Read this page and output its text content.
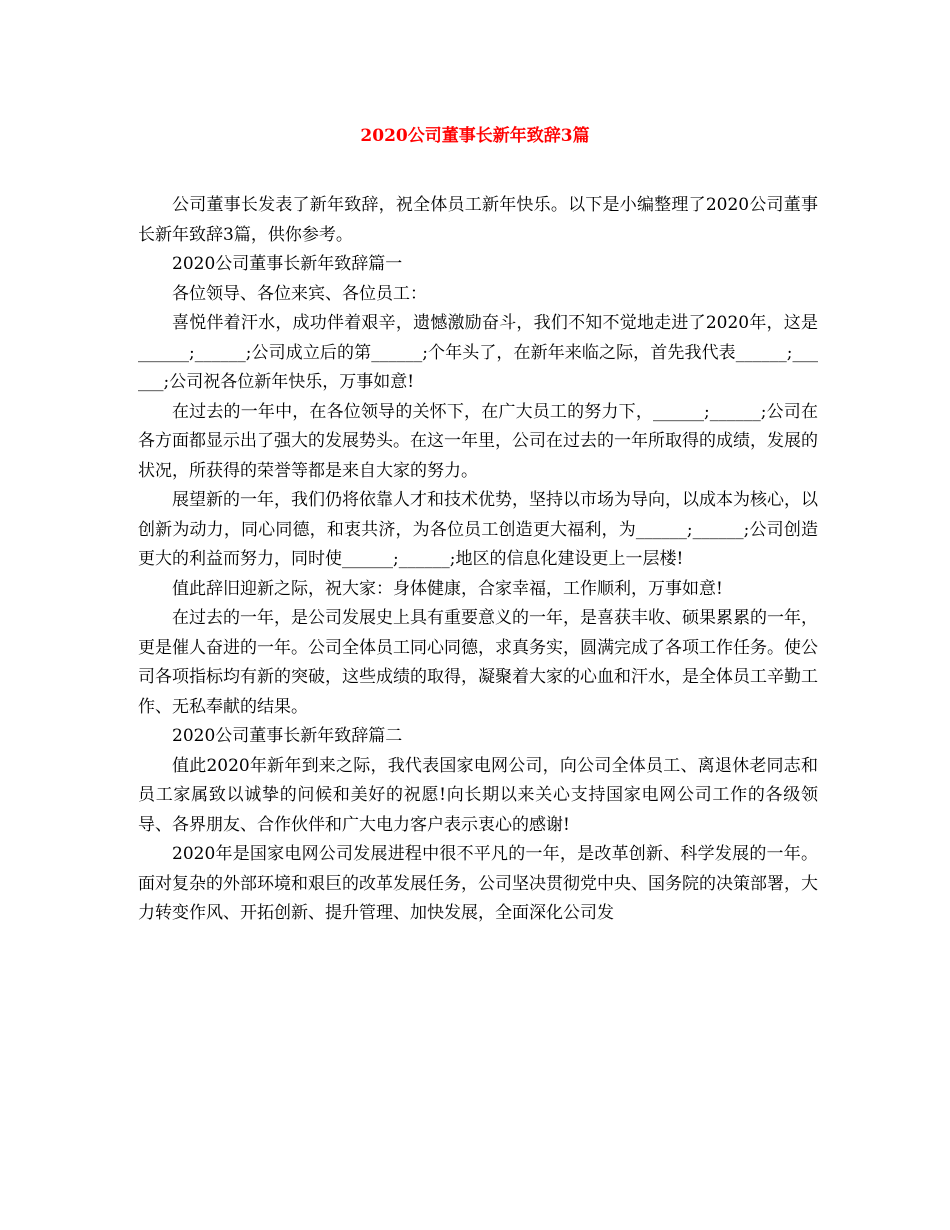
2020公司董事长新年致辞3篇

公司董事长发表了新年致辞，祝全体员工新年快乐。以下是小编整理了2020公司董事长新年致辞3篇，供你参考。

2020公司董事长新年致辞篇一

各位领导、各位来宾、各位员工：

喜悦伴着汗水，成功伴着艰辛，遗憾激励奋斗，我们不知不觉地走进了2020年，这是______;______;公司成立后的第______;个年头了，在新年来临之际，首先我代表______;______;公司祝各位新年快乐，万事如意!

在过去的一年中，在各位领导的关怀下，在广大员工的努力下，______;______;公司在各方面都显示出了强大的发展势头。在这一年里，公司在过去的一年所取得的成绩，发展的状况，所获得的荣誉等都是来自大家的努力。

展望新的一年，我们仍将依靠人才和技术优势，坚持以市场为导向，以成本为核心，以创新为动力，同心同德，和衷共济，为各位员工创造更大福利，为______;______;公司创造更大的利益而努力，同时使______;______;地区的信息化建设更上一层楼!

值此辞旧迎新之际，祝大家：身体健康，合家幸福，工作顺利，万事如意!

在过去的一年，是公司发展史上具有重要意义的一年，是喜获丰收、硕果累累的一年，更是催人奋进的一年。公司全体员工同心同德，求真务实，圆满完成了各项工作任务。使公司各项指标均有新的突破，这些成绩的取得，凝聚着大家的心血和汗水，是全体员工辛勤工作、无私奉献的结果。

2020公司董事长新年致辞篇二

值此2020年新年到来之际，我代表国家电网公司，向公司全体员工、离退休老同志和员工家属致以诚挚的问候和美好的祝愿!向长期以来关心支持国家电网公司工作的各级领导、各界朋友、合作伙伴和广大电力客户表示衷心的感谢!

2020年是国家电网公司发展进程中很不平凡的一年，是改革创新、科学发展的一年。面对复杂的外部环境和艰巨的改革发展任务，公司坚决贯彻党中央、国务院的决策部署，大力转变作风、开拓创新、提升管理、加快发展，全面深化公司发
